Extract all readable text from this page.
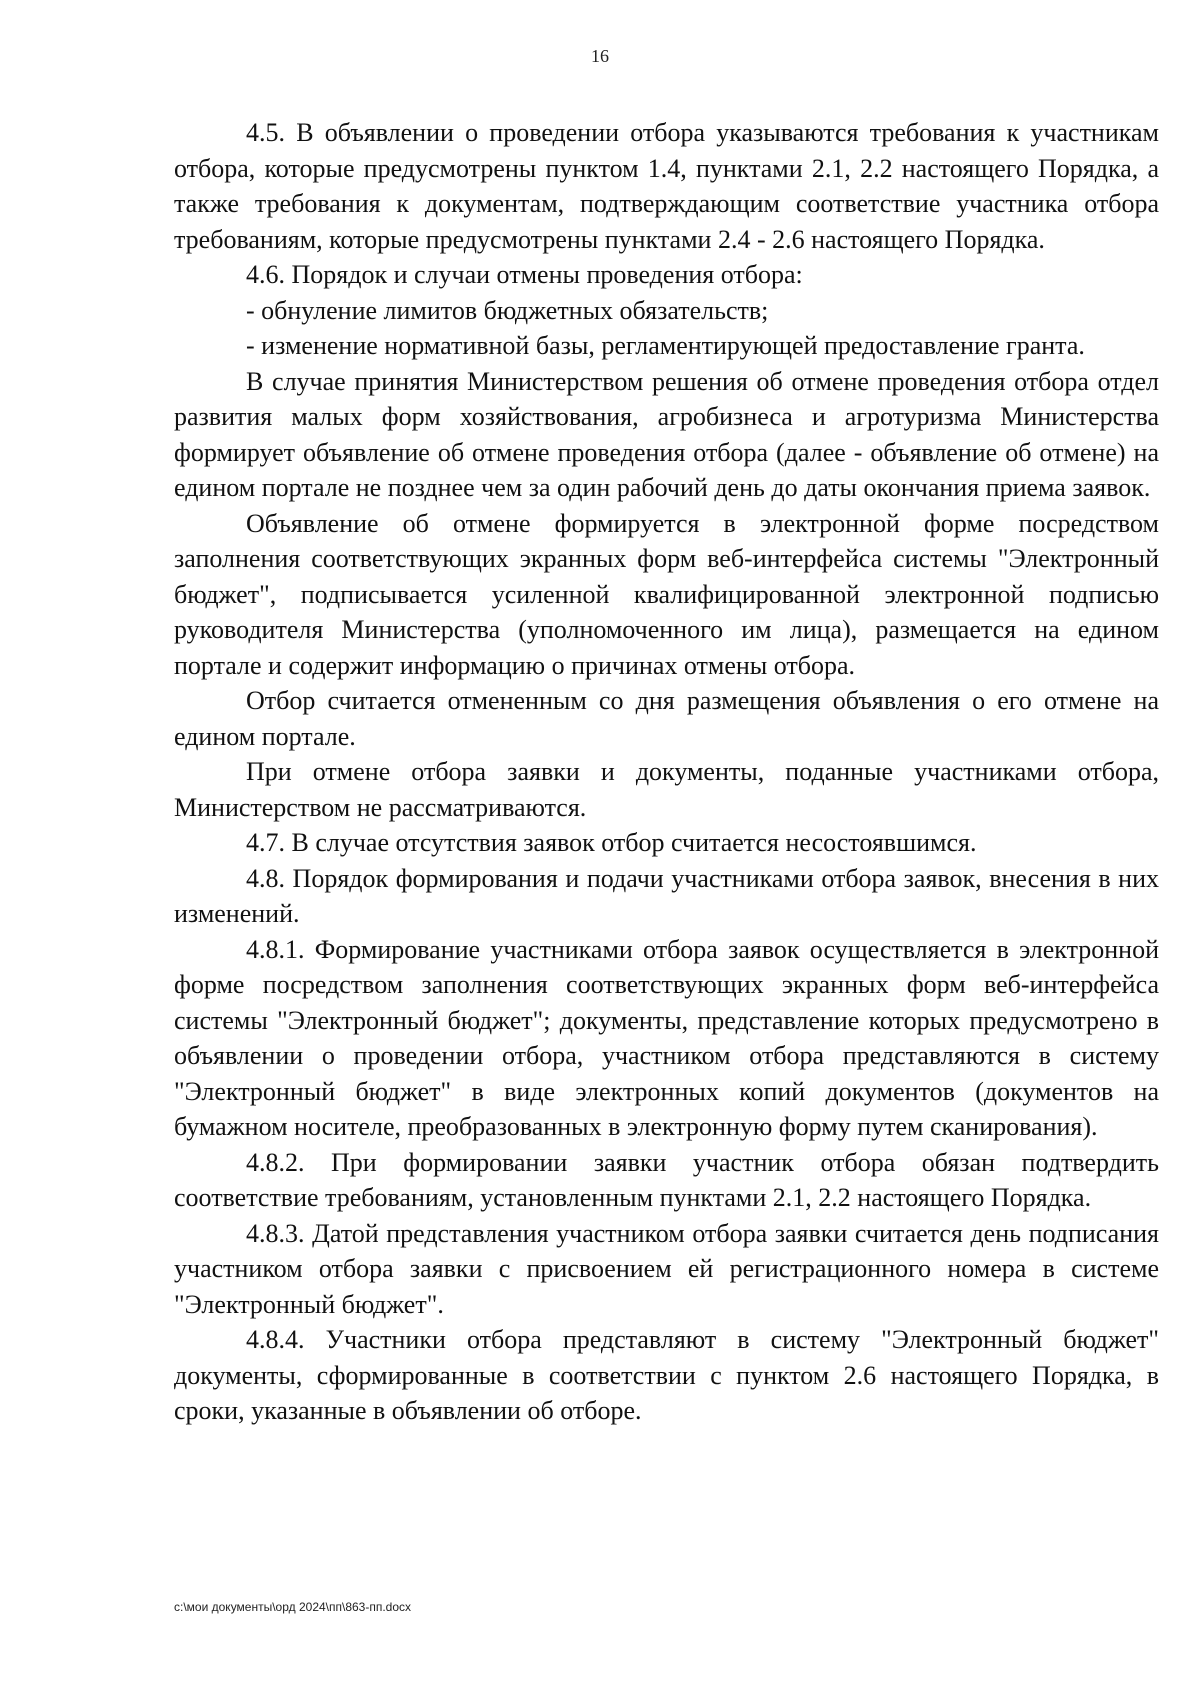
16

4.5. В объявлении о проведении отбора указываются требования к участникам отбора, которые предусмотрены пунктом 1.4, пунктами 2.1, 2.2 настоящего Порядка, а также требования к документам, подтверждающим соответствие участника отбора требованиям, которые предусмотрены пунктами 2.4 - 2.6 настоящего Порядка.

4.6. Порядок и случаи отмены проведения отбора:

- обнуление лимитов бюджетных обязательств;

- изменение нормативной базы, регламентирующей предоставление гранта.

В случае принятия Министерством решения об отмене проведения отбора отдел развития малых форм хозяйствования, агробизнеса и агротуризма Министерства формирует объявление об отмене проведения отбора (далее - объявление об отмене) на едином портале не позднее чем за один рабочий день до даты окончания приема заявок.

Объявление об отмене формируется в электронной форме посредством заполнения соответствующих экранных форм веб-интерфейса системы "Электронный бюджет", подписывается усиленной квалифицированной электронной подписью руководителя Министерства (уполномоченного им лица), размещается на едином портале и содержит информацию о причинах отмены отбора.

Отбор считается отмененным со дня размещения объявления о его отмене на едином портале.

При отмене отбора заявки и документы, поданные участниками отбора, Министерством не рассматриваются.

4.7. В случае отсутствия заявок отбор считается несостоявшимся.

4.8. Порядок формирования и подачи участниками отбора заявок, внесения в них изменений.

4.8.1. Формирование участниками отбора заявок осуществляется в электронной форме посредством заполнения соответствующих экранных форм веб-интерфейса системы "Электронный бюджет"; документы, представление которых предусмотрено в объявлении о проведении отбора, участником отбора представляются в систему "Электронный бюджет" в виде электронных копий документов (документов на бумажном носителе, преобразованных в электронную форму путем сканирования).

4.8.2. При формировании заявки участник отбора обязан подтвердить соответствие требованиям, установленным пунктами 2.1, 2.2 настоящего Порядка.

4.8.3. Датой представления участником отбора заявки считается день подписания участником отбора заявки с присвоением ей регистрационного номера в системе "Электронный бюджет".

4.8.4. Участники отбора представляют в систему "Электронный бюджет" документы, сформированные в соответствии с пунктом 2.6 настоящего Порядка, в сроки, указанные в объявлении об отборе.

c:\мои документы\орд 2024\пп\863-пп.docx
